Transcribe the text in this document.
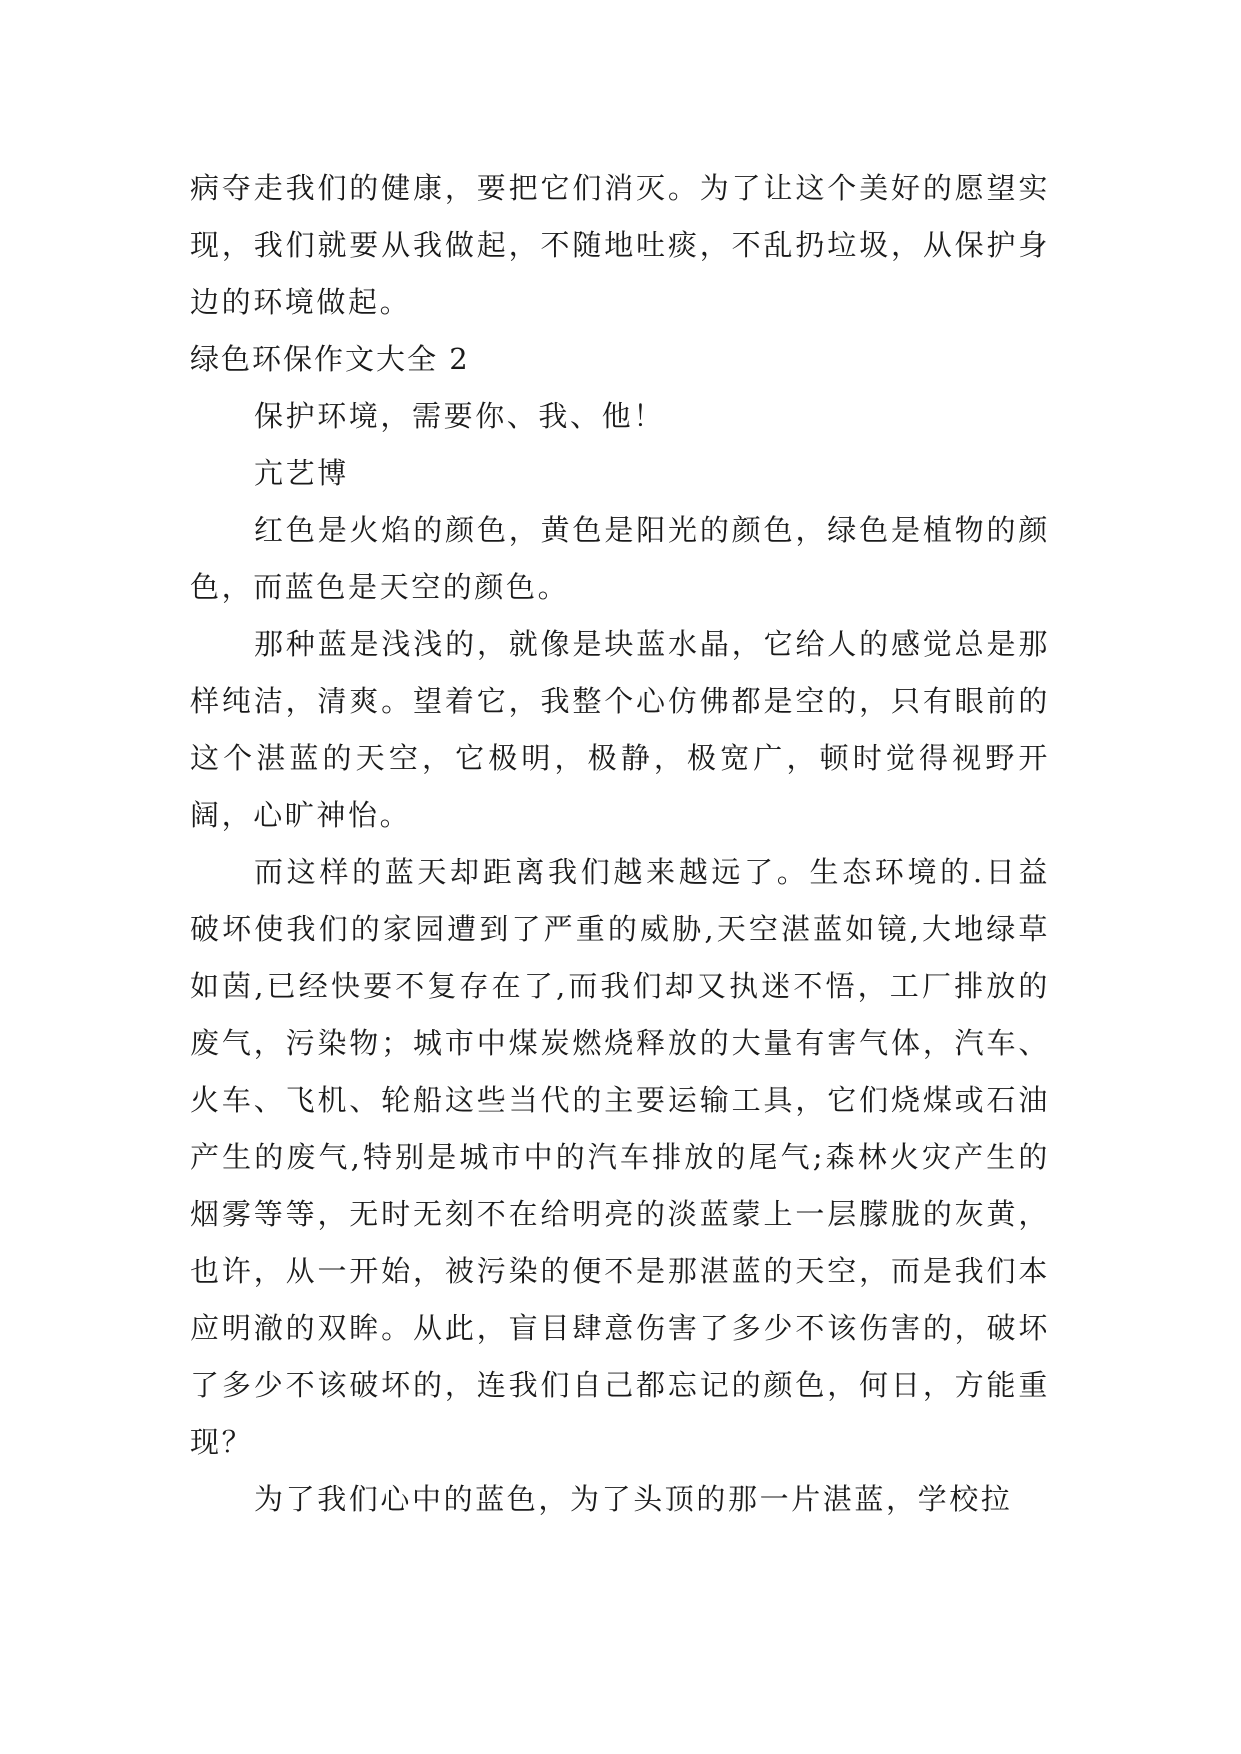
病夺走我们的健康，要把它们消灭。为了让这个美好的愿望实现，我们就要从我做起，不随地吐痰，不乱扔垃圾，从保护身边的环境做起。

绿色环保作文大全 2

保护环境，需要你、我、他！

亢艺博

红色是火焰的颜色，黄色是阳光的颜色，绿色是植物的颜色，而蓝色是天空的颜色。

那种蓝是浅浅的，就像是块蓝水晶，它给人的感觉总是那样纯洁，清爽。望着它，我整个心仿佛都是空的，只有眼前的这个湛蓝的天空，它极明，极静，极宽广，顿时觉得视野开阔，心旷神怡。

而这样的蓝天却距离我们越来越远了。生态环境的.日益破坏使我们的家园遭到了严重的威胁,天空湛蓝如镜,大地绿草如茵,已经快要不复存在了,而我们却又执迷不悟，工厂排放的废气，污染物；城市中煤炭燃烧释放的大量有害气体，汽车、火车、飞机、轮船这些当代的主要运输工具，它们烧煤或石油产生的废气,特别是城市中的汽车排放的尾气;森林火灾产生的烟雾等等，无时无刻不在给明亮的淡蓝蒙上一层朦胧的灰黄，也许，从一开始，被污染的便不是那湛蓝的天空，而是我们本应明澈的双眸。从此，盲目肆意伤害了多少不该伤害的，破坏了多少不该破坏的，连我们自己都忘记的颜色，何日，方能重现？

为了我们心中的蓝色，为了头顶的那一片湛蓝，学校拉
